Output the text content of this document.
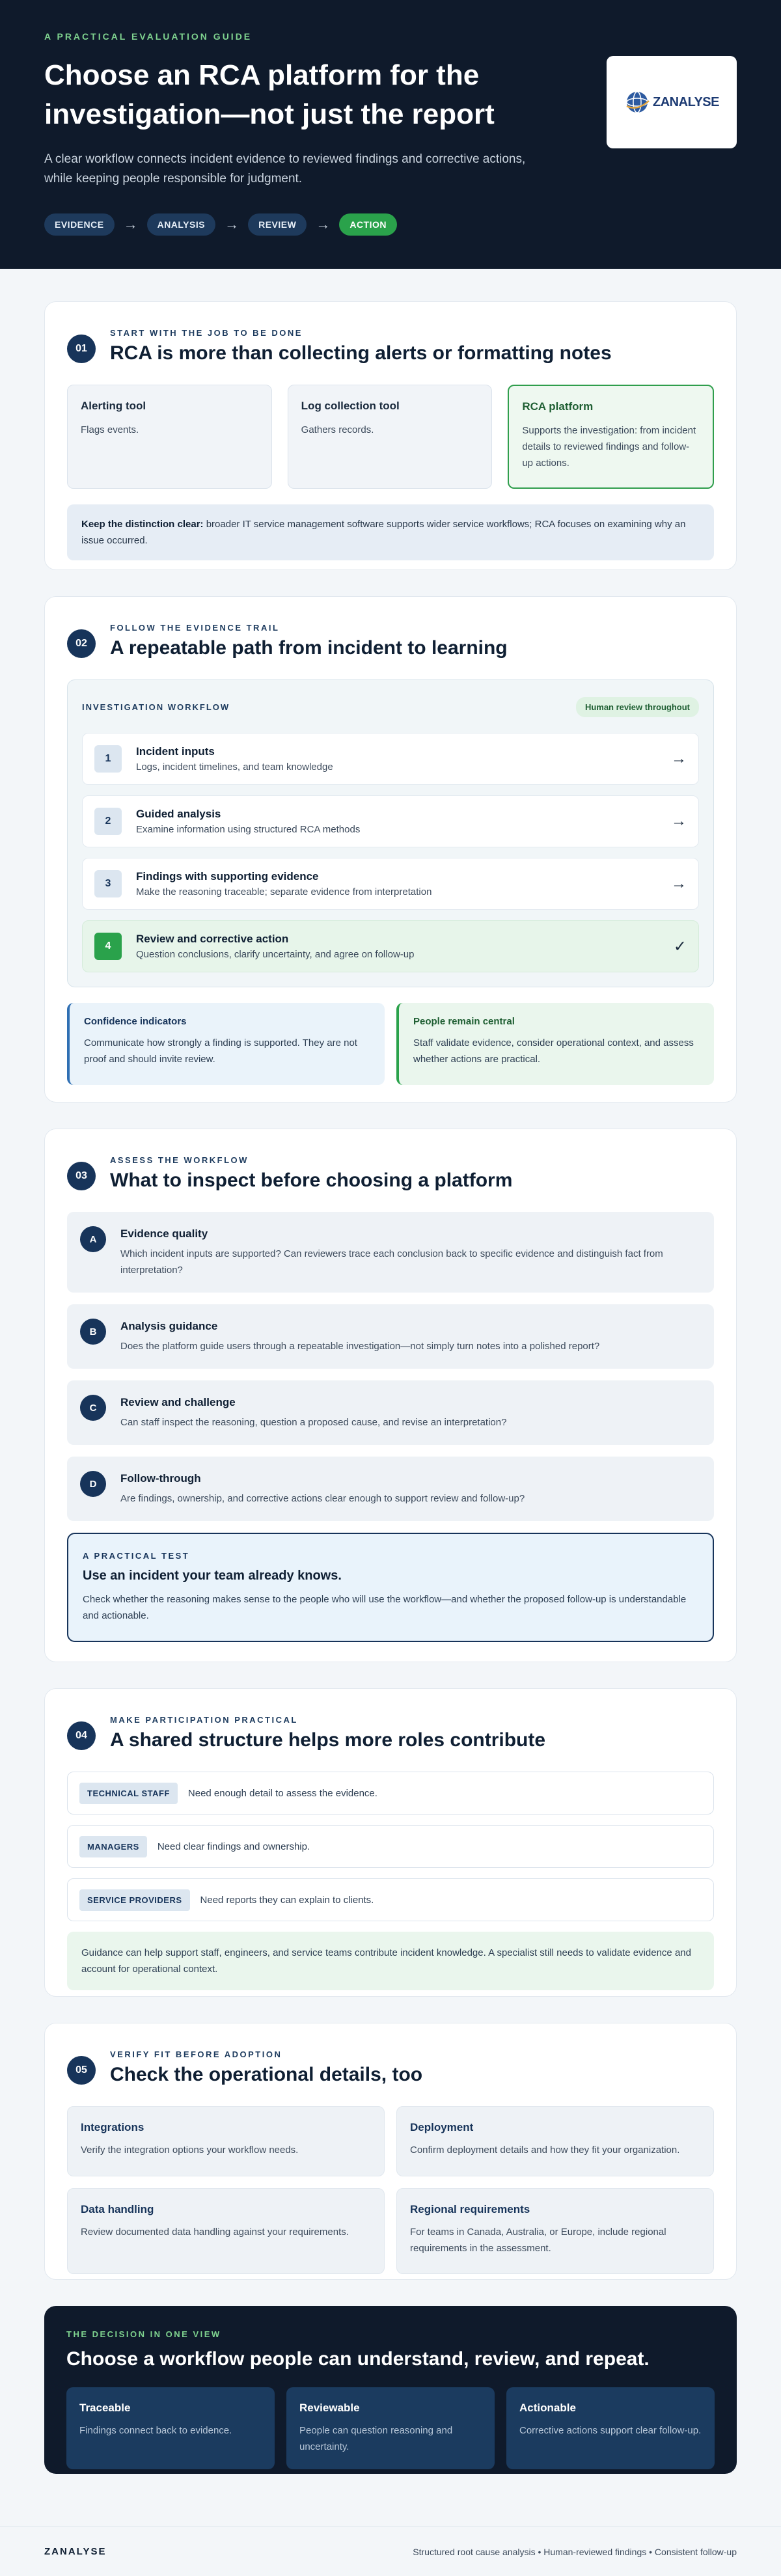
A PRACTICAL EVALUATION GUIDE
Choose an RCA platform for the investigation—not just the report

A clear workflow connects incident evidence to reviewed findings and corrective actions, while keeping people responsible for judgment.

EVIDENCE	→	ANALYSIS	→	REVIEW	→	ACTION
ZANALYSE
01
START WITH THE JOB TO BE DONE
RCA is more than collecting alerts or formatting notes
Alerting tool

Flags events.

Log collection tool

Gathers records.

RCA platform

Supports the investigation: from incident details to reviewed findings and follow-up actions.

Keep the distinction clear: broader IT service management software supports wider service workflows; RCA focuses on examining why an issue occurred.
02
FOLLOW THE EVIDENCE TRAIL
A repeatable path from incident to learning
INVESTIGATION WORKFLOW	Human review throughout
1
Incident inputs

Logs, incident timelines, and team knowledge	→
2
Guided analysis

Examine information using structured RCA methods	→
3
Findings with supporting evidence

Make the reasoning traceable; separate evidence from interpretation	→
4
Review and corrective action

Question conclusions, clarify uncertainty, and agree on follow-up	✓
Confidence indicators

Communicate how strongly a finding is supported. They are not proof and should invite review.

People remain central

Staff validate evidence, consider operational context, and assess whether actions are practical.

03
ASSESS THE WORKFLOW
What to inspect before choosing a platform
A	Evidence quality

Which incident inputs are supported? Can reviewers trace each conclusion back to specific evidence and distinguish fact from interpretation?

B	Analysis guidance

Does the platform guide users through a repeatable investigation—not simply turn notes into a polished report?

C	Review and challenge

Can staff inspect the reasoning, question a proposed cause, and revise an interpretation?

D	Follow-through

Are findings, ownership, and corrective actions clear enough to support review and follow-up?

A PRACTICAL TEST
Use an incident your team already knows.

Check whether the reasoning makes sense to the people who will use the workflow—and whether the proposed follow-up is understandable and actionable.

04
MAKE PARTICIPATION PRACTICAL
A shared structure helps more roles contribute
TECHNICAL STAFF	Need enough detail to assess the evidence.
MANAGERS	Need clear findings and ownership.
SERVICE PROVIDERS	Need reports they can explain to clients.
Guidance can help support staff, engineers, and service teams contribute incident knowledge. A specialist still needs to validate evidence and account for operational context.
05
VERIFY FIT BEFORE ADOPTION
Check the operational details, too
Integrations

Verify the integration options your workflow needs.

Deployment

Confirm deployment details and how they fit your organization.

Data handling

Review documented data handling against your requirements.

Regional requirements

For teams in Canada, Australia, or Europe, include regional requirements in the assessment.

THE DECISION IN ONE VIEW
Choose a workflow people can understand, review, and repeat.
Traceable

Findings connect back to evidence.

Reviewable

People can question reasoning and uncertainty.

Actionable

Corrective actions support clear follow-up.

ZANALYSE	Structured root cause analysis • Human-reviewed findings • Consistent follow-up
